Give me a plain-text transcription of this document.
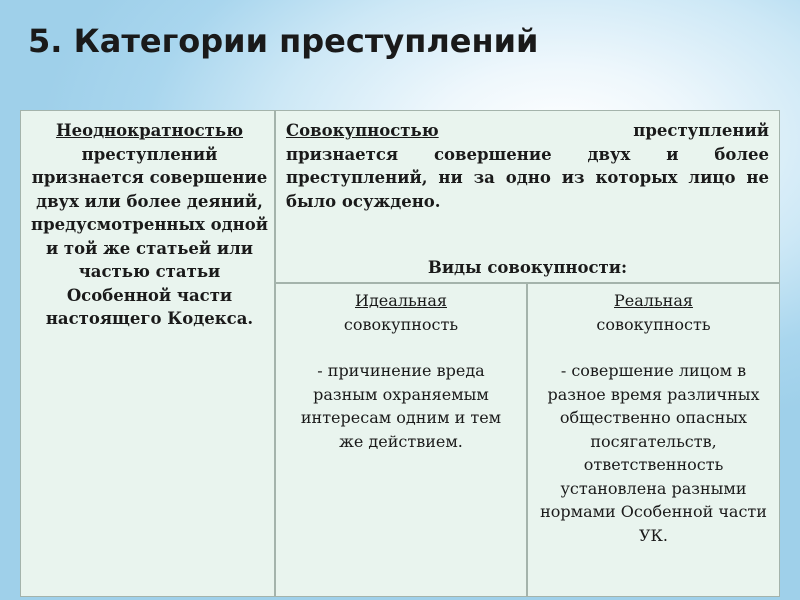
5. Категории преступлений
Неоднократностью преступлений признается совершение двух или более деяний, предусмотренных одной и той же статьей или частью статьи Особенной части настоящего Кодекса.
Совокупностью	преступлений
признается совершение двух и более преступлений, ни за одно из которых лицо не было осуждено.
Виды совокупности:
Идеальная
совокупность
- причинение вреда разным охраняемым интересам одним и тем же действием.
Реальная
совокупность
- совершение лицом в разное время различных общественно опасных посягательств, ответственность установлена разными нормами Особенной части УК.
